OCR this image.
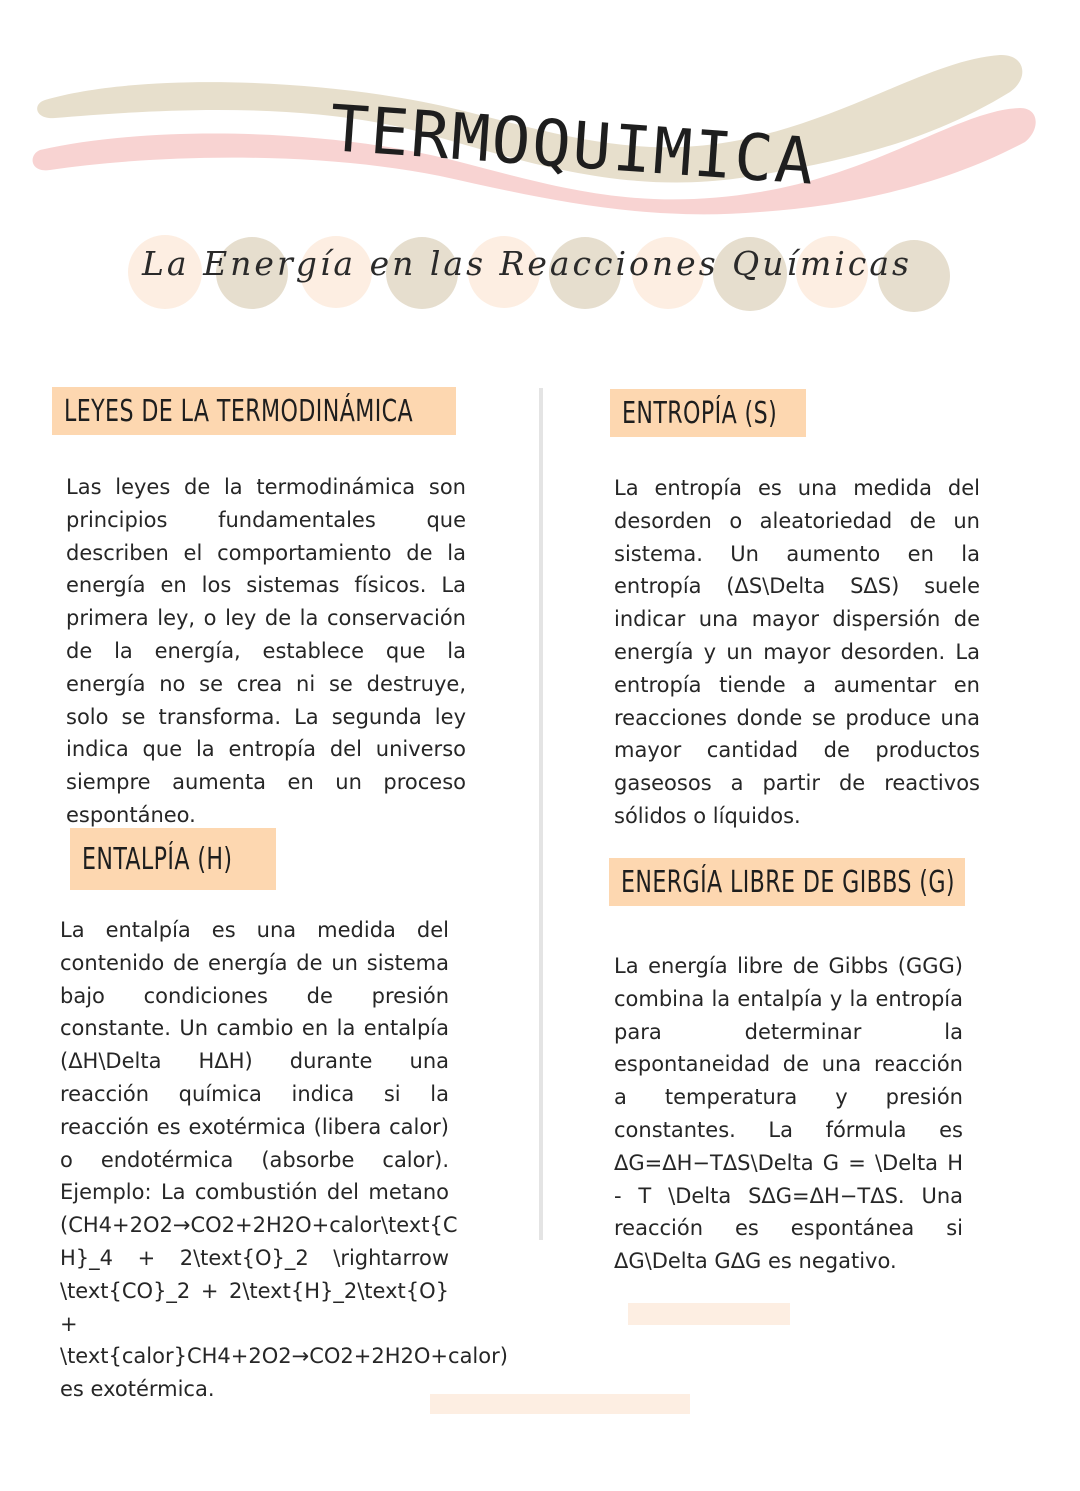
TERMOQUIMICA
La Energía en las Reacciones Químicas
LEYES DE LA TERMODINÁMICA

Las leyes de la termodinámica son principios fundamentales que describen el comportamiento de la energía en los sistemas físicos. La primera ley, o ley de la conservación de la energía, establece que la energía no se crea ni se destruye, solo se transforma. La segunda ley indica que la entropía del universo siempre aumenta en un proceso espontáneo.

ENTALPÍA (H)

La entalpía es una medida del contenido de energía de un sistema bajo condiciones de presión constante. Un cambio en la entalpía (ΔH\Delta HΔH) durante una reacción química indica si la reacción es exotérmica (libera calor) o endotérmica (absorbe calor). Ejemplo: La combustión del metano (CH4+2O2→CO2+2H2O+calor\text{C H}_4 + 2\text{O}_2 \rightarrow \text{CO}_2 + 2\text{H}_2\text{O} + \text{calor}CH4+2O2→CO2+2H2O+calor) es exotérmica.

ENTROPÍA (S)

La entropía es una medida del desorden o aleatoriedad de un sistema. Un aumento en la entropía (ΔS\Delta SΔS) suele indicar una mayor dispersión de energía y un mayor desorden. La entropía tiende a aumentar en reacciones donde se produce una mayor cantidad de productos gaseosos a partir de reactivos sólidos o líquidos.

ENERGÍA LIBRE DE GIBBS (G)

La energía libre de Gibbs (GGG) combina la entalpía y la entropía para determinar la espontaneidad de una reacción a temperatura y presión constantes. La fórmula es ΔG=ΔH−TΔS\Delta G = \Delta H - T \Delta SΔG=ΔH−TΔS. Una reacción es espontánea si ΔG\Delta GΔG es negativo.
